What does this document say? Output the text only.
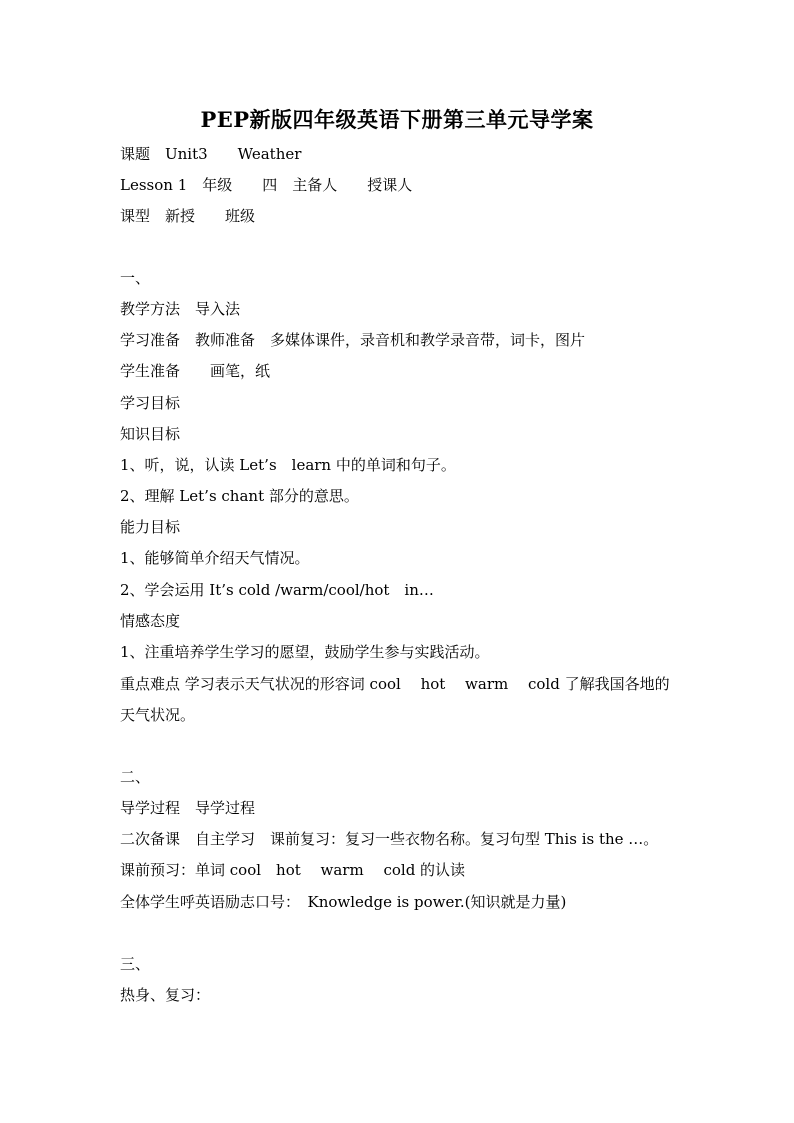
PEP新版四年级英语下册第三单元导学案
课题　Unit3　　Weather
Lesson 1　年级　　四　主备人　　授课人
课型　新授　　班级
一、
教学方法　导入法
学习准备　教师准备　多媒体课件，录音机和教学录音带，词卡，图片
学生准备　　画笔，纸
学习目标
知识目标
1、听，说，认读 Let’s　learn 中的单词和句子。
2、理解 Let’s chant 部分的意思。
能力目标
1、能够简单介绍天气情况。
2、学会运用 It’s cold /warm/cool/hot　in…
情感态度
1、注重培养学生学习的愿望，鼓励学生参与实践活动。
重点难点 学习表示天气状况的形容词 cool　 hot　 warm　 cold 了解我国各地的
天气状况。
二、
导学过程　导学过程
二次备课　自主学习　课前复习：复习一些衣物名称。复习句型 This is the …。
课前预习：单词 cool　hot　 warm　 cold 的认读
全体学生呼英语励志口号：　Knowledge is power.(知识就是力量)
三、
热身、复习：
